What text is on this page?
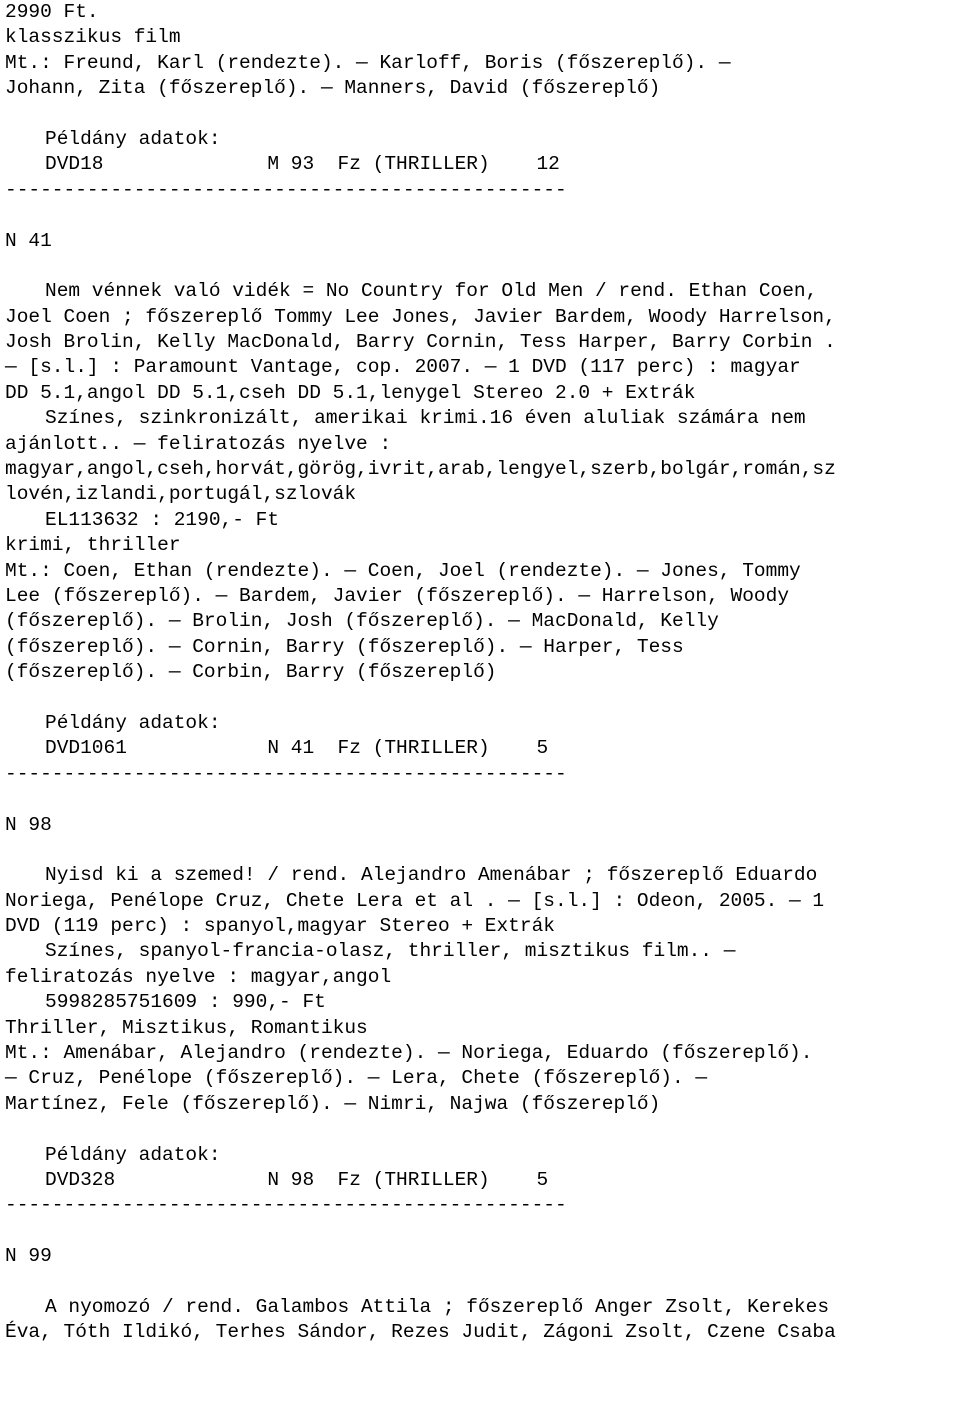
2990 Ft.
klasszikus film
Mt.: Freund, Karl (rendezte). — Karloff, Boris (főszereplő). —
Johann, Zita (főszereplő). — Manners, David (főszereplő)
Példány adatok:
DVD18              M 93  Fz (THRILLER)    12
------------------------------------------------
N 41
Nem vénnek való vidék = No Country for Old Men / rend. Ethan Coen,
Joel Coen ; főszereplő Tommy Lee Jones, Javier Bardem, Woody Harrelson,
Josh Brolin, Kelly MacDonald, Barry Cornin, Tess Harper, Barry Corbin .
— [s.l.] : Paramount Vantage, cop. 2007. — 1 DVD (117 perc) : magyar
DD 5.1,angol DD 5.1,cseh DD 5.1,lenygel Stereo 2.0 + Extrák
Színes, szinkronizált, amerikai krimi.16 éven aluliak számára nem
ajánlott.. — feliratozás nyelve :
magyar,angol,cseh,horvát,görög,ivrit,arab,lengyel,szerb,bolgár,román,sz
lovén,izlandi,portugál,szlovák
EL113632 : 2190,- Ft
krimi, thriller
Mt.: Coen, Ethan (rendezte). — Coen, Joel (rendezte). — Jones, Tommy
Lee (főszereplő). — Bardem, Javier (főszereplő). — Harrelson, Woody
(főszereplő). — Brolin, Josh (főszereplő). — MacDonald, Kelly
(főszereplő). — Cornin, Barry (főszereplő). — Harper, Tess
(főszereplő). — Corbin, Barry (főszereplő)
Példány adatok:
DVD1061            N 41  Fz (THRILLER)    5
------------------------------------------------
N 98
Nyisd ki a szemed! / rend. Alejandro Amenábar ; főszereplő Eduardo
Noriega, Penélope Cruz, Chete Lera et al . — [s.l.] : Odeon, 2005. — 1
DVD (119 perc) : spanyol,magyar Stereo + Extrák
Színes, spanyol-francia-olasz, thriller, misztikus film.. —
feliratozás nyelve : magyar,angol
5998285751609 : 990,- Ft
Thriller, Misztikus, Romantikus
Mt.: Amenábar, Alejandro (rendezte). — Noriega, Eduardo (főszereplő).
— Cruz, Penélope (főszereplő). — Lera, Chete (főszereplő). —
Martínez, Fele (főszereplő). — Nimri, Najwa (főszereplő)
Példány adatok:
DVD328             N 98  Fz (THRILLER)    5
------------------------------------------------
N 99
A nyomozó / rend. Galambos Attila ; főszereplő Anger Zsolt, Kerekes
Éva, Tóth Ildikó, Terhes Sándor, Rezes Judit, Zágoni Zsolt, Czene Csaba
